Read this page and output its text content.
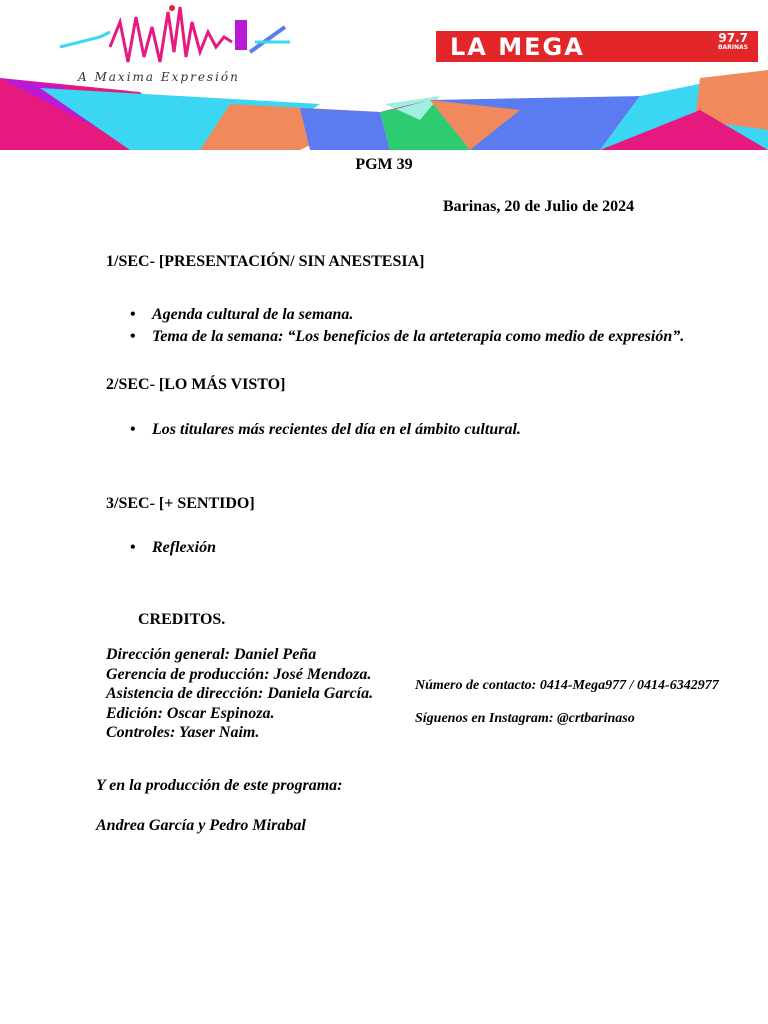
A Maxima Expresión
LA MEGA	97.7
BARINAS
PGM 39
Barinas, 20 de Julio de 2024
1/SEC- [PRESENTACIÓN/ SIN ANESTESIA]
• Agenda cultural de la semana.
• Tema de la semana: “Los beneficios de la arteterapia como medio de expresión”.
2/SEC- [LO MÁS VISTO]
• Los titulares más recientes del día en el ámbito cultural.
3/SEC- [+ SENTIDO]
• Reflexión
CREDITOS.
Dirección general: Daniel Peña
Gerencia de producción: José Mendoza.
Asistencia de dirección: Daniela García.
Edición: Oscar Espinoza.
Controles: Yaser Naim.
Número de contacto: 0414-Mega977 / 0414-6342977
Síguenos en Instagram: @crtbarinaso
Y en la producción de este programa:
Andrea García y Pedro Mirabal
